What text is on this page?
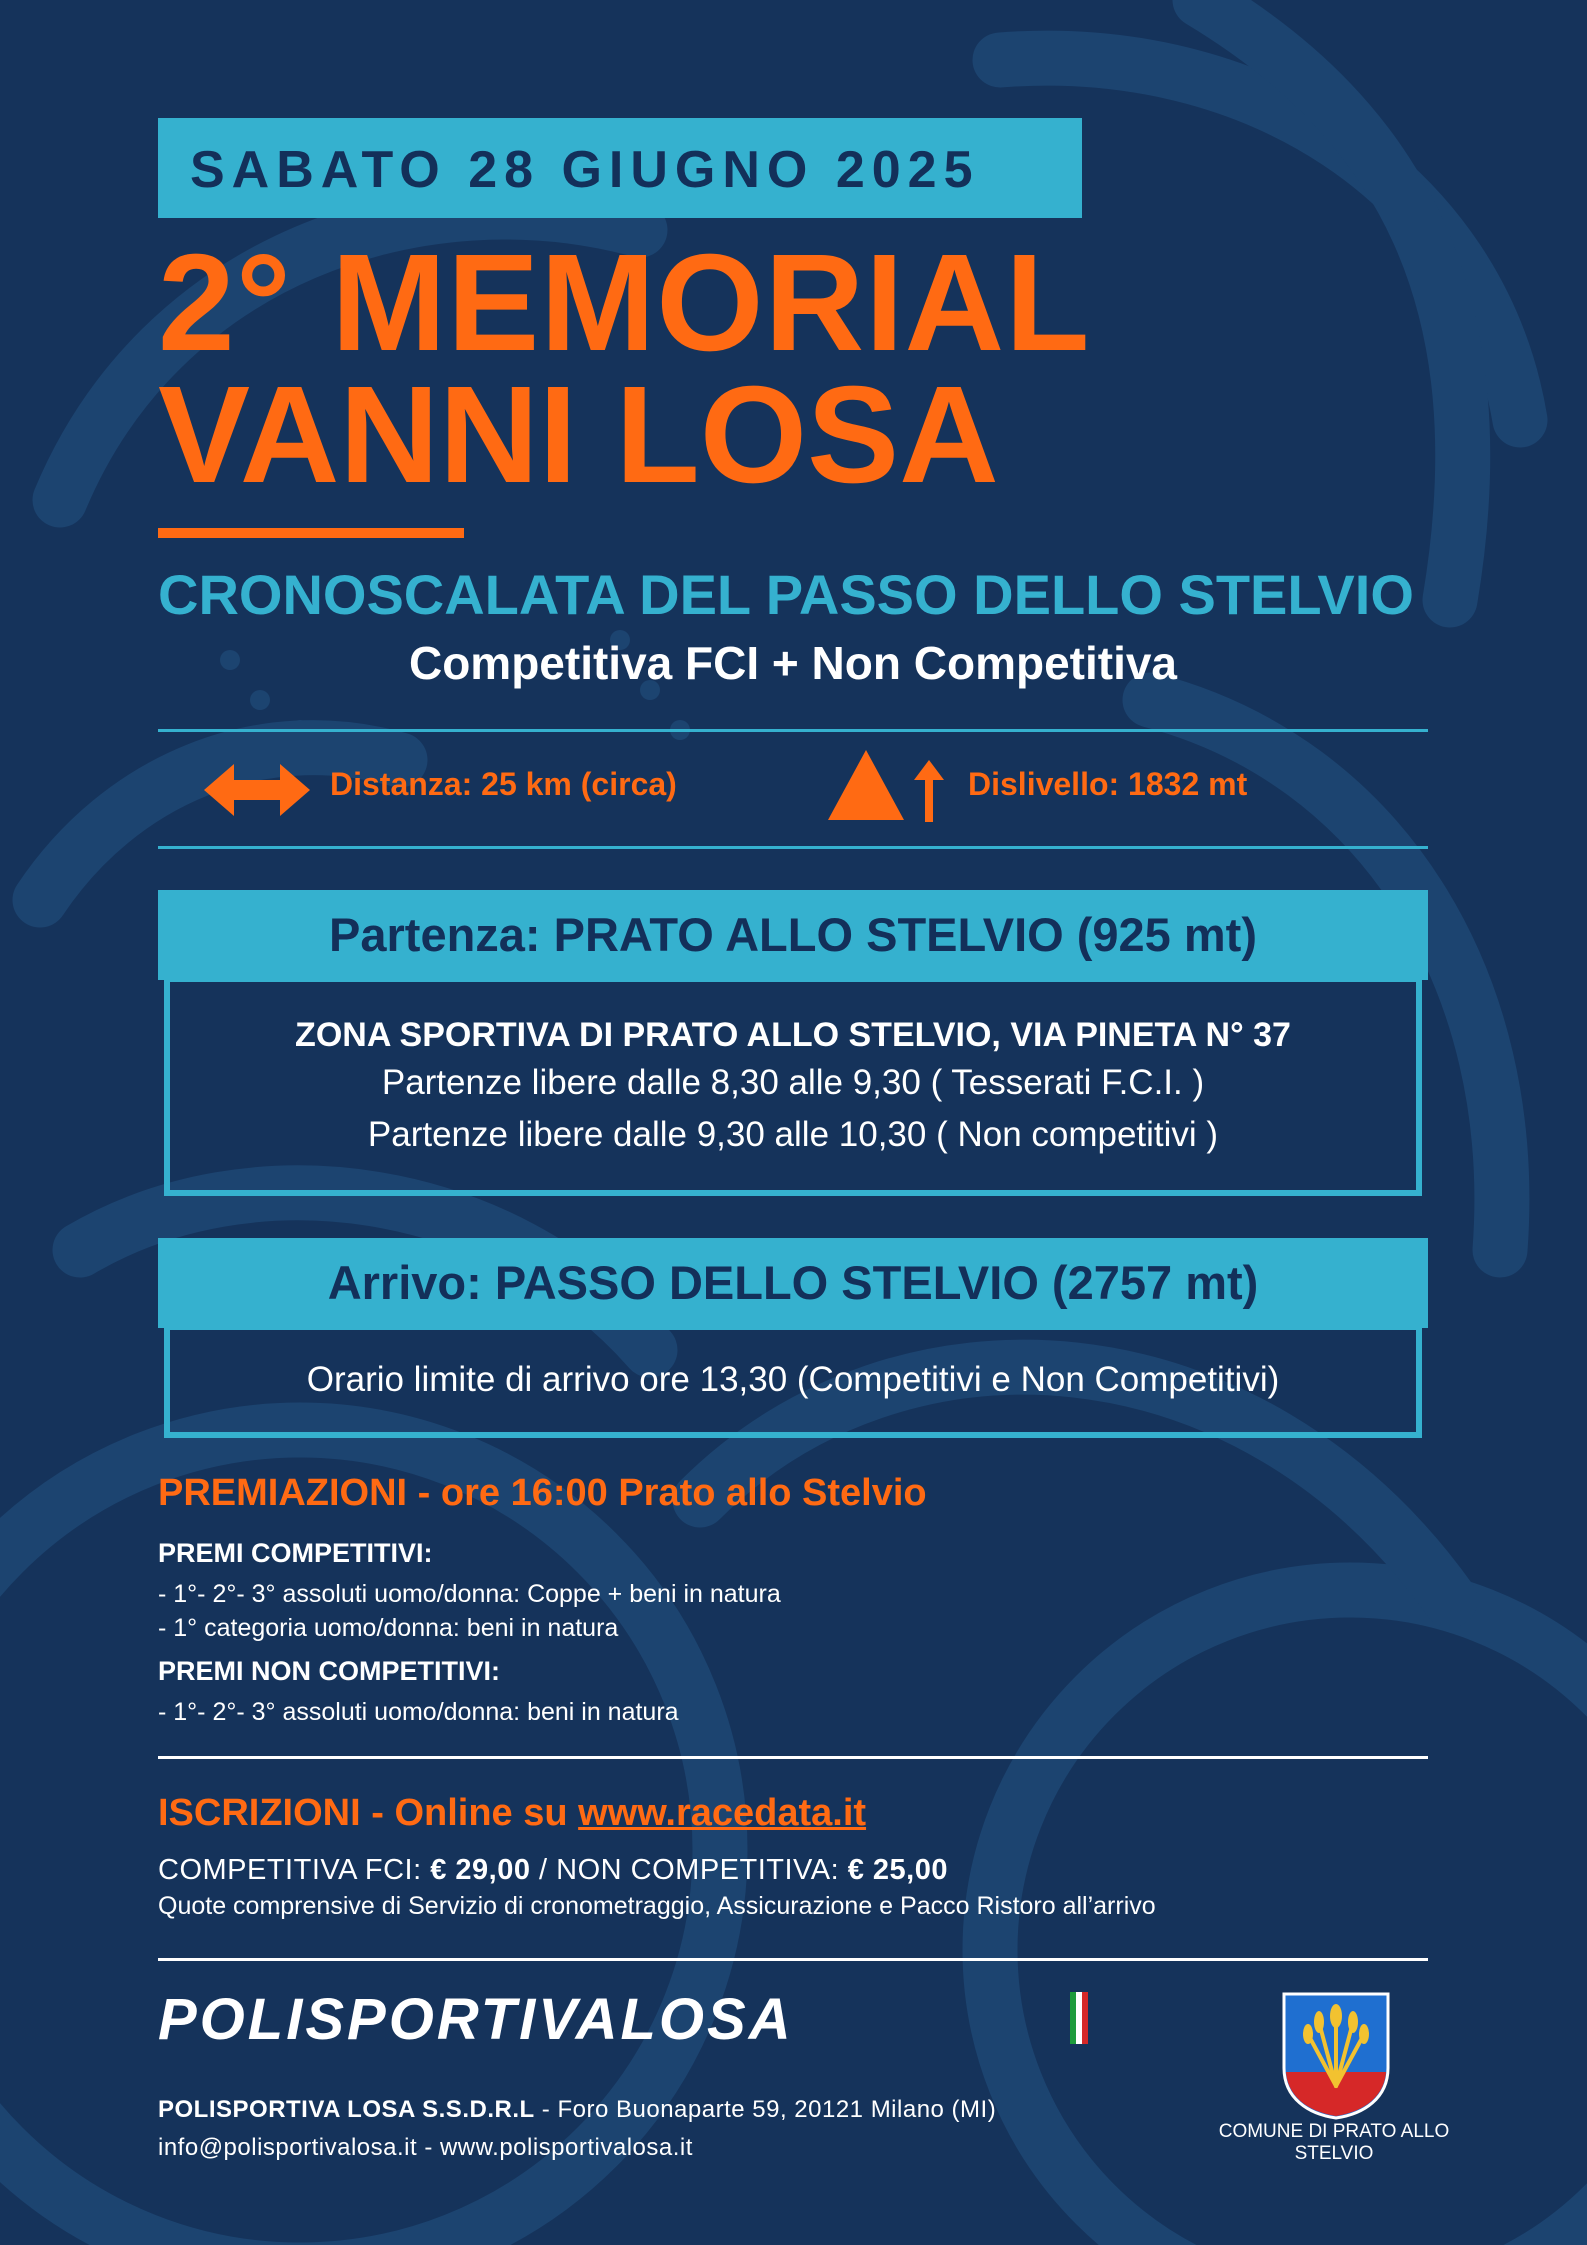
SABATO 28 GIUGNO 2025
2° MEMORIAL
VANNI LOSA
CRONOSCALATA DEL PASSO DELLO STELVIO
Competitiva FCI + Non Competitiva
Distanza: 25 km (circa)	Dislivello: 1832 mt
Partenza: PRATO ALLO STELVIO (925 mt)
ZONA SPORTIVA DI PRATO ALLO STELVIO, VIA PINETA N° 37
Partenze libere dalle 8,30 alle 9,30 ( Tesserati F.C.I. )
Partenze libere dalle 9,30 alle 10,30 ( Non competitivi )
Arrivo: PASSO DELLO STELVIO (2757 mt)
Orario limite di arrivo ore 13,30 (Competitivi e Non Competitivi)
PREMIAZIONI - ore 16:00 Prato allo Stelvio
PREMI COMPETITIVI:
- 1°- 2°- 3° assoluti uomo/donna: Coppe + beni in natura
- 1° categoria uomo/donna: beni in natura
PREMI NON COMPETITIVI:
- 1°- 2°- 3° assoluti uomo/donna: beni in natura
ISCRIZIONI - Online su www.racedata.it
COMPETITIVA FCI: € 29,00 / NON COMPETITIVA: € 25,00
Quote comprensive di Servizio di cronometraggio, Assicurazione e Pacco Ristoro all’arrivo
POLISPORTIVALOSA
POLISPORTIVA LOSA S.S.D.R.L - Foro Buonaparte 59, 20121 Milano (MI)
info@polisportivalosa.it - www.polisportivalosa.it
COMUNE DI PRATO ALLO STELVIO
